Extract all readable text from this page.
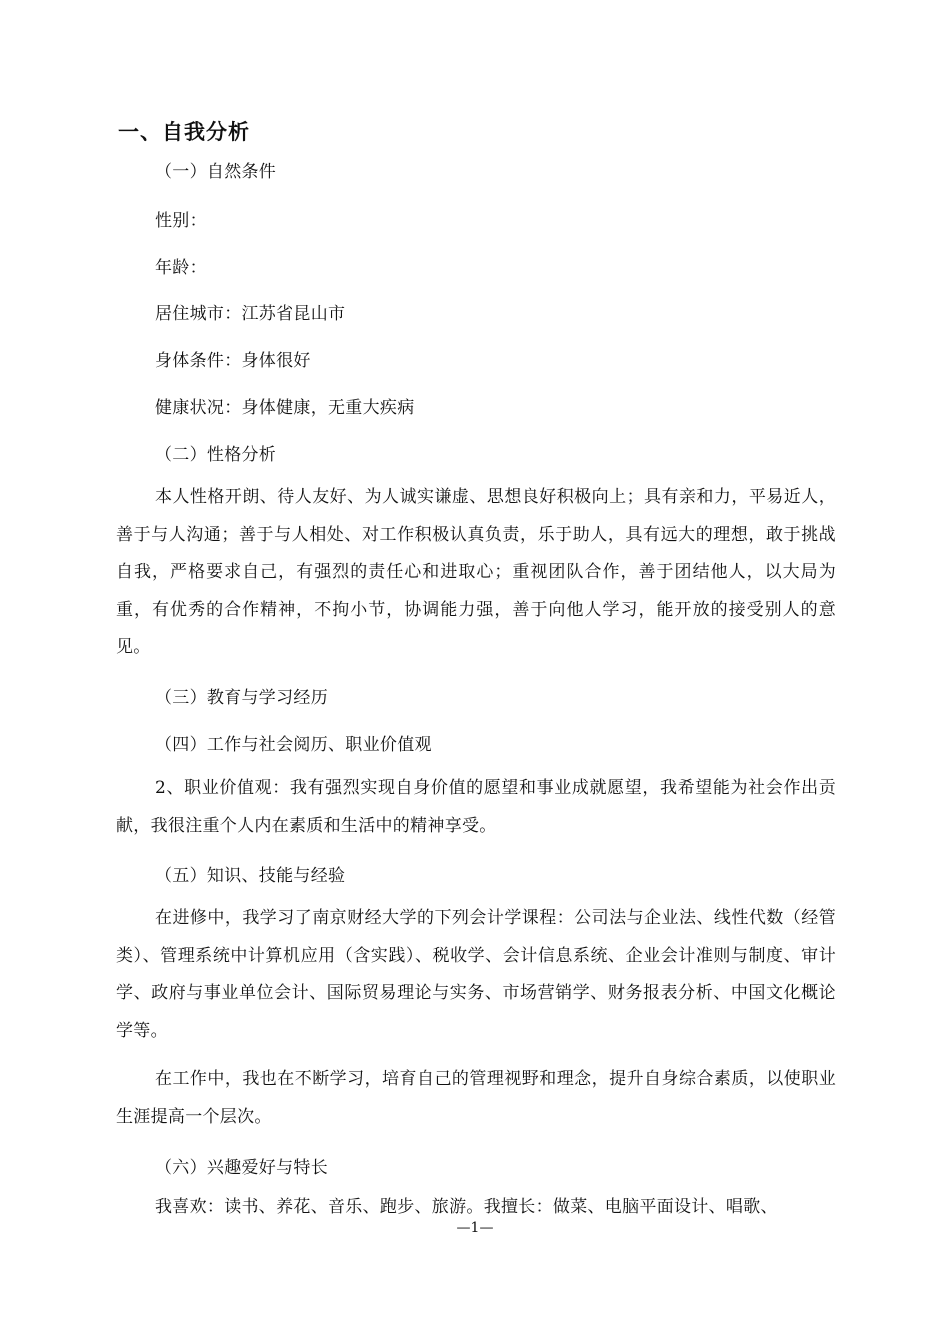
一、自我分析
（一）自然条件
性别：
年龄：
居住城市：江苏省昆山市
身体条件：身体很好
健康状况：身体健康，无重大疾病
（二）性格分析
本人性格开朗、待人友好、为人诚实谦虚、思想良好积极向上；具有亲和力，平易近人，善于与人沟通；善于与人相处、对工作积极认真负责，乐于助人，具有远大的理想，敢于挑战自我，严格要求自己，有强烈的责任心和进取心；重视团队合作，善于团结他人，以大局为重，有优秀的合作精神，不拘小节，协调能力强，善于向他人学习，能开放的接受别人的意见。
（三）教育与学习经历
（四）工作与社会阅历、职业价值观
2、职业价值观：我有强烈实现自身价值的愿望和事业成就愿望，我希望能为社会作出贡献，我很注重个人内在素质和生活中的精神享受。
（五）知识、技能与经验
在进修中，我学习了南京财经大学的下列会计学课程：公司法与企业法、线性代数（经管类）、管理系统中计算机应用（含实践）、税收学、会计信息系统、企业会计准则与制度、审计学、政府与事业单位会计、国际贸易理论与实务、市场营销学、财务报表分析、中国文化概论学等。
在工作中，我也在不断学习，培育自己的管理视野和理念，提升自身综合素质，以使职业生涯提高一个层次。
（六）兴趣爱好与特长
我喜欢：读书、养花、音乐、跑步、旅游。我擅长：做菜、电脑平面设计、唱歌、
—1—
